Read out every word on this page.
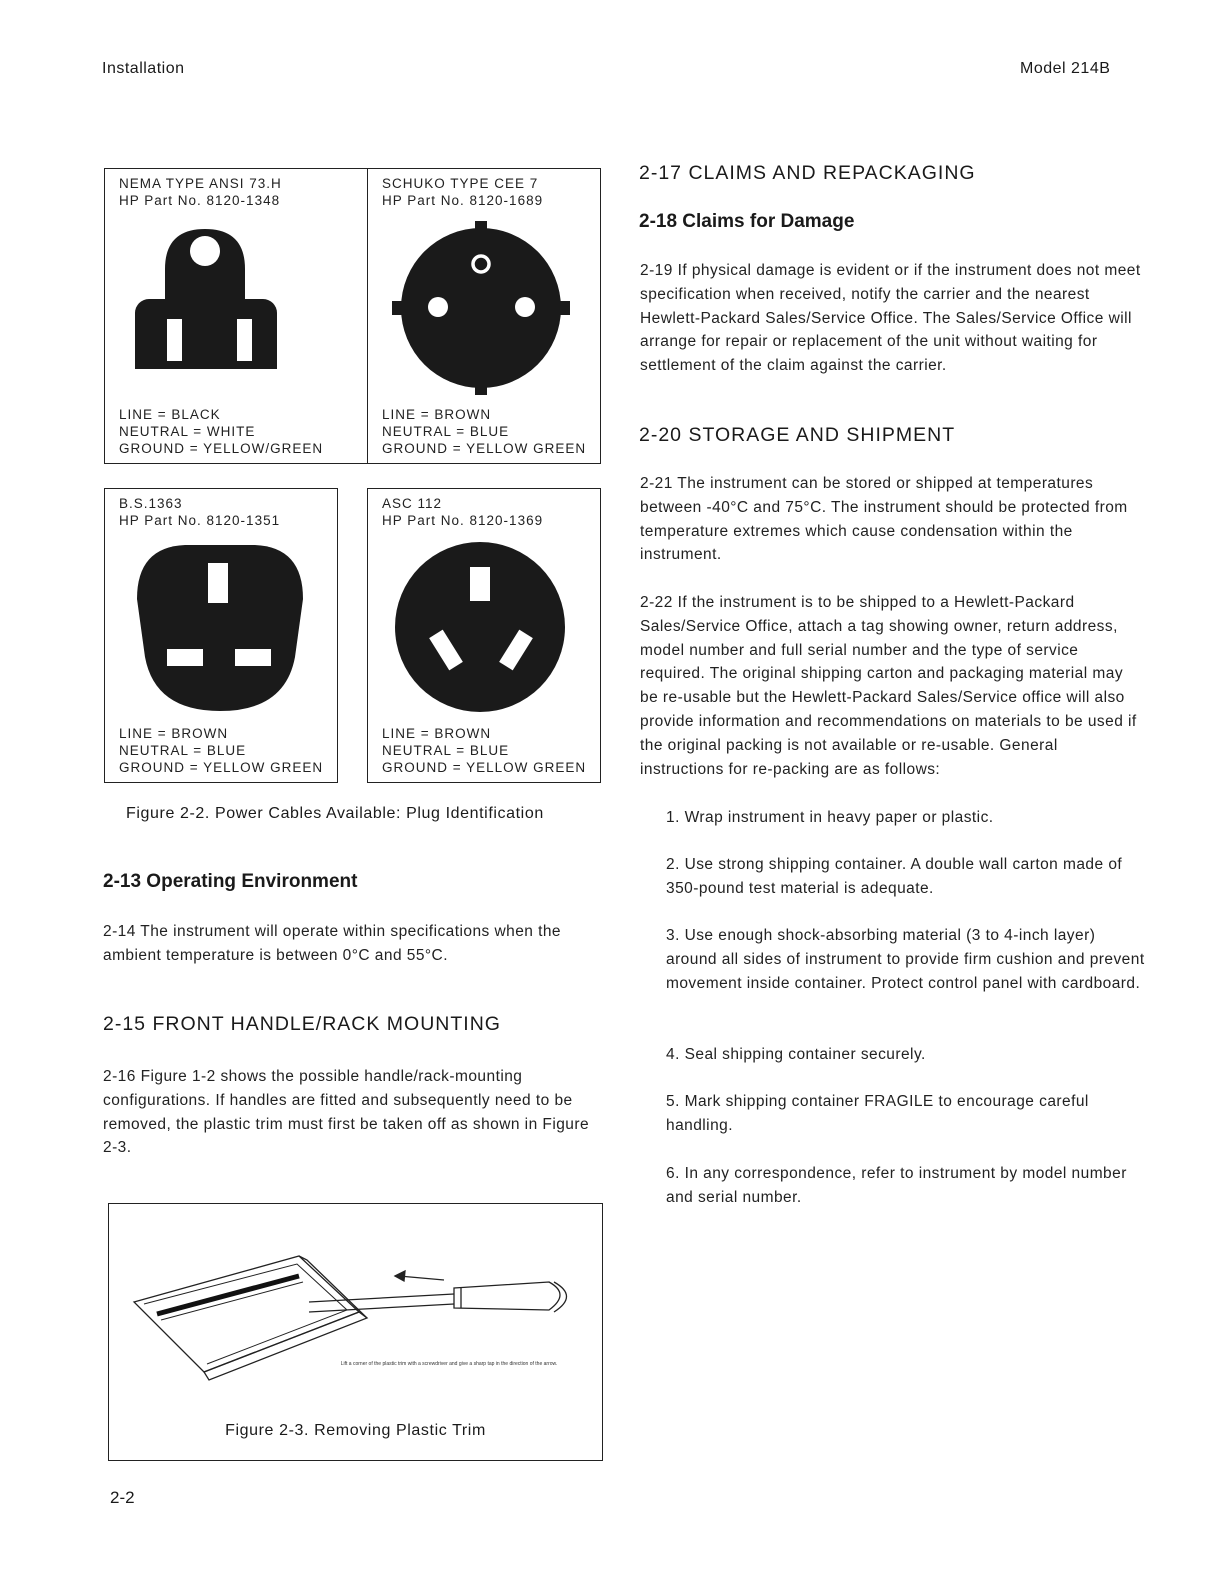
Installation	Model 214B
NEMA TYPE ANSI 73.H
HP Part No. 8120-1348
LINE = BLACK
NEUTRAL = WHITE
GROUND = YELLOW/GREEN
SCHUKO TYPE CEE 7
HP Part No. 8120-1689
LINE = BROWN
NEUTRAL = BLUE
GROUND = YELLOW GREEN
B.S.1363
HP Part No. 8120-1351
LINE = BROWN
NEUTRAL = BLUE
GROUND = YELLOW GREEN
ASC 112
HP Part No. 8120-1369
LINE = BROWN
NEUTRAL = BLUE
GROUND = YELLOW GREEN
Figure 2-2. Power Cables Available: Plug Identification
2-13 Operating Environment

2-14 The instrument will operate within specifications when the ambient temperature is between 0°C and 55°C.

2-15 FRONT HANDLE/RACK MOUNTING

2-16 Figure 1-2 shows the possible handle/rack-mounting configurations. If handles are fitted and subsequently need to be removed, the plastic trim must first be taken off as shown in Figure 2-3.

Lift a corner of the plastic trim with a screwdriver and give a sharp tap in the direction of the arrow.
Figure 2-3. Removing Plastic Trim
2-17 CLAIMS AND REPACKAGING
2-18 Claims for Damage

2-19 If physical damage is evident or if the instrument does not meet specification when received, notify the carrier and the nearest Hewlett-Packard Sales/Service Office. The Sales/Service Office will arrange for repair or replacement of the unit without waiting for settlement of the claim against the carrier.

2-20 STORAGE AND SHIPMENT

2-21 The instrument can be stored or shipped at temperatures between -40°C and 75°C. The instrument should be protected from temperature extremes which cause condensation within the instrument.

2-22 If the instrument is to be shipped to a Hewlett-Packard Sales/Service Office, attach a tag showing owner, return address, model number and full serial number and the type of service required. The original shipping carton and packaging material may be re-usable but the Hewlett-Packard Sales/Service office will also provide information and recommendations on materials to be used if the original packing is not available or re-usable. General instructions for re-packing are as follows:

1. Wrap instrument in heavy paper or plastic.
2. Use strong shipping container. A double wall carton made of 350-pound test material is adequate.
3. Use enough shock-absorbing material (3 to 4-inch layer) around all sides of instrument to provide firm cushion and prevent movement inside container. Protect control panel with cardboard.
4. Seal shipping container securely.
5. Mark shipping container FRAGILE to encourage careful handling.
6. In any correspondence, refer to instrument by model number and serial number.
2-2
